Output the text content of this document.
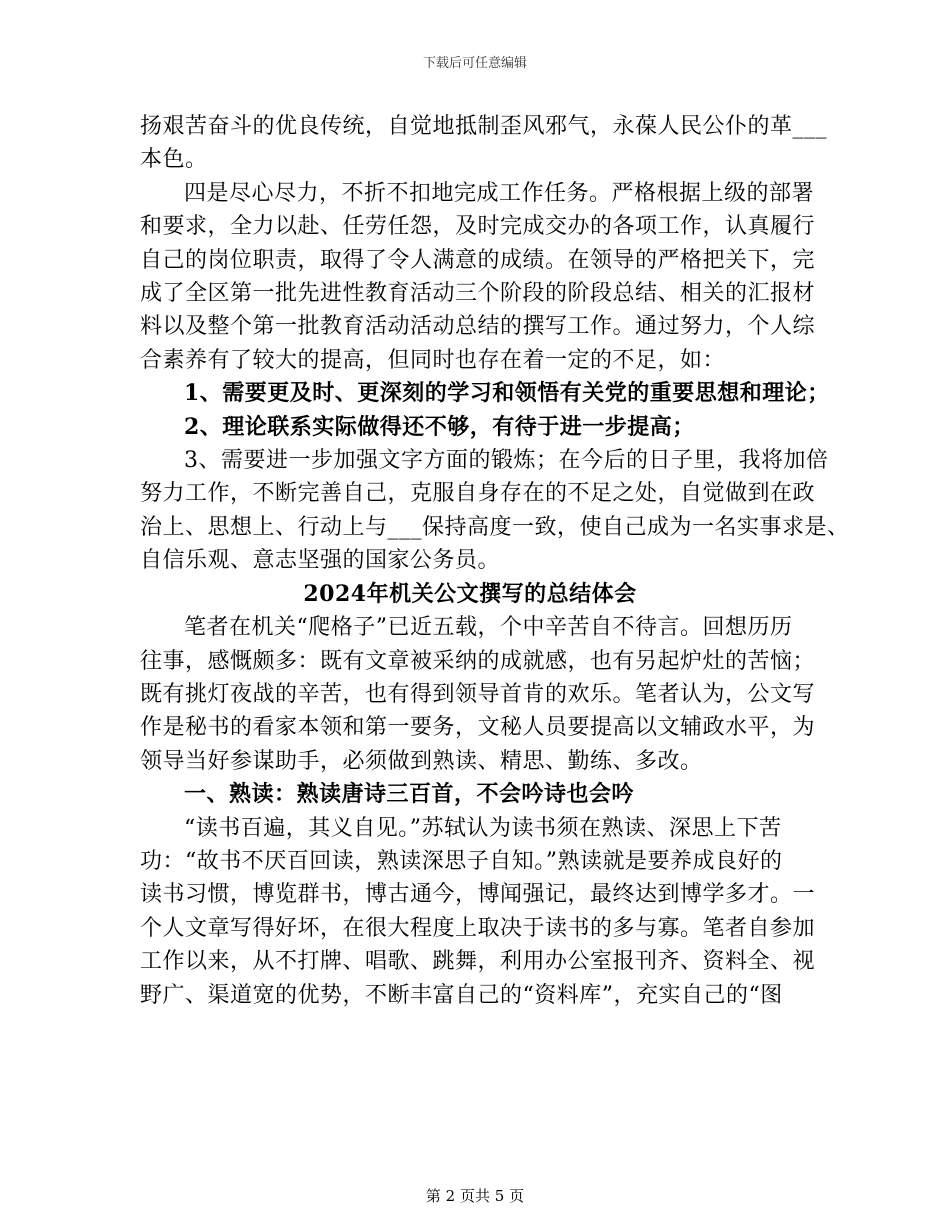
下载后可任意编辑

扬艰苦奋斗的优良传统，自觉地抵制歪风邪气，永葆人民公仆的革___

本色。

四是尽心尽力，不折不扣地完成工作任务。严格根据上级的部署

和要求，全力以赴、任劳任怨，及时完成交办的各项工作，认真履行

自己的岗位职责，取得了令人满意的成绩。在领导的严格把关下，完

成了全区第一批先进性教育活动三个阶段的阶段总结、相关的汇报材

料以及整个第一批教育活动活动总结的撰写工作。通过努力，个人综

合素养有了较大的提高，但同时也存在着一定的不足，如：

1、需要更及时、更深刻的学习和领悟有关党的重要思想和理论；

2、理论联系实际做得还不够，有待于进一步提高；

3、需要进一步加强文字方面的锻炼；在今后的日子里，我将加倍

努力工作，不断完善自己，克服自身存在的不足之处，自觉做到在政

治上、思想上、行动上与___保持高度一致，使自己成为一名实事求是、

自信乐观、意志坚强的国家公务员。

2024年机关公文撰写的总结体会

笔者在机关“爬格子”已近五载，个中辛苦自不待言。回想历历

往事，感慨颇多：既有文章被采纳的成就感，也有另起炉灶的苦恼；

既有挑灯夜战的辛苦，也有得到领导首肯的欢乐。笔者认为，公文写

作是秘书的看家本领和第一要务，文秘人员要提高以文辅政水平，为

领导当好参谋助手，必须做到熟读、精思、勤练、多改。

一、熟读：熟读唐诗三百首，不会吟诗也会吟

“读书百遍，其义自见。”苏轼认为读书须在熟读、深思上下苦

功：“故书不厌百回读，熟读深思子自知。”熟读就是要养成良好的

读书习惯，博览群书，博古通今，博闻强记，最终达到博学多才。一

个人文章写得好坏，在很大程度上取决于读书的多与寡。笔者自参加

工作以来，从不打牌、唱歌、跳舞，利用办公室报刊齐、资料全、视

野广、渠道宽的优势，不断丰富自己的“资料库”，充实自己的“图

第 2 页共 5 页
